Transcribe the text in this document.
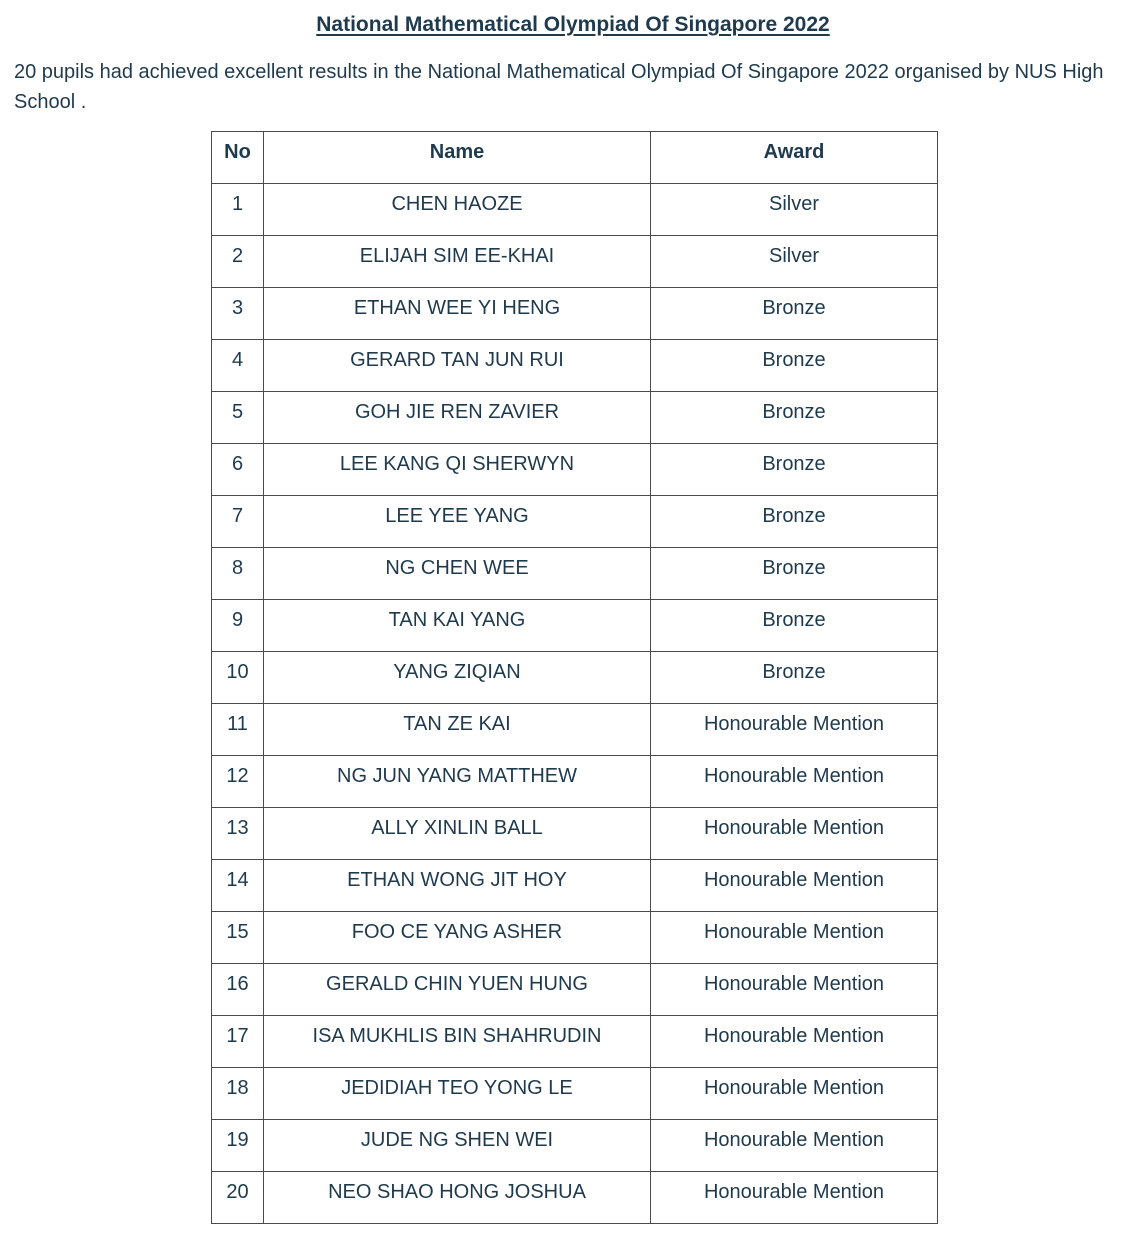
National Mathematical Olympiad Of Singapore 2022

20 pupils had achieved excellent results in the National Mathematical Olympiad Of Singapore 2022 organised by NUS High School .

No	Name	Award
1	CHEN HAOZE	Silver
2	ELIJAH SIM EE-KHAI	Silver
3	ETHAN WEE YI HENG	Bronze
4	GERARD TAN JUN RUI	Bronze
5	GOH JIE REN ZAVIER	Bronze
6	LEE KANG QI SHERWYN	Bronze
7	LEE YEE YANG	Bronze
8	NG CHEN WEE	Bronze
9	TAN KAI YANG	Bronze
10	YANG ZIQIAN	Bronze
11	TAN ZE KAI	Honourable Mention
12	NG JUN YANG MATTHEW	Honourable Mention
13	ALLY XINLIN BALL	Honourable Mention
14	ETHAN WONG JIT HOY	Honourable Mention
15	FOO CE YANG ASHER	Honourable Mention
16	GERALD CHIN YUEN HUNG	Honourable Mention
17	ISA MUKHLIS BIN SHAHRUDIN	Honourable Mention
18	JEDIDIAH TEO YONG LE	Honourable Mention
19	JUDE NG SHEN WEI	Honourable Mention
20	NEO SHAO HONG JOSHUA	Honourable Mention
